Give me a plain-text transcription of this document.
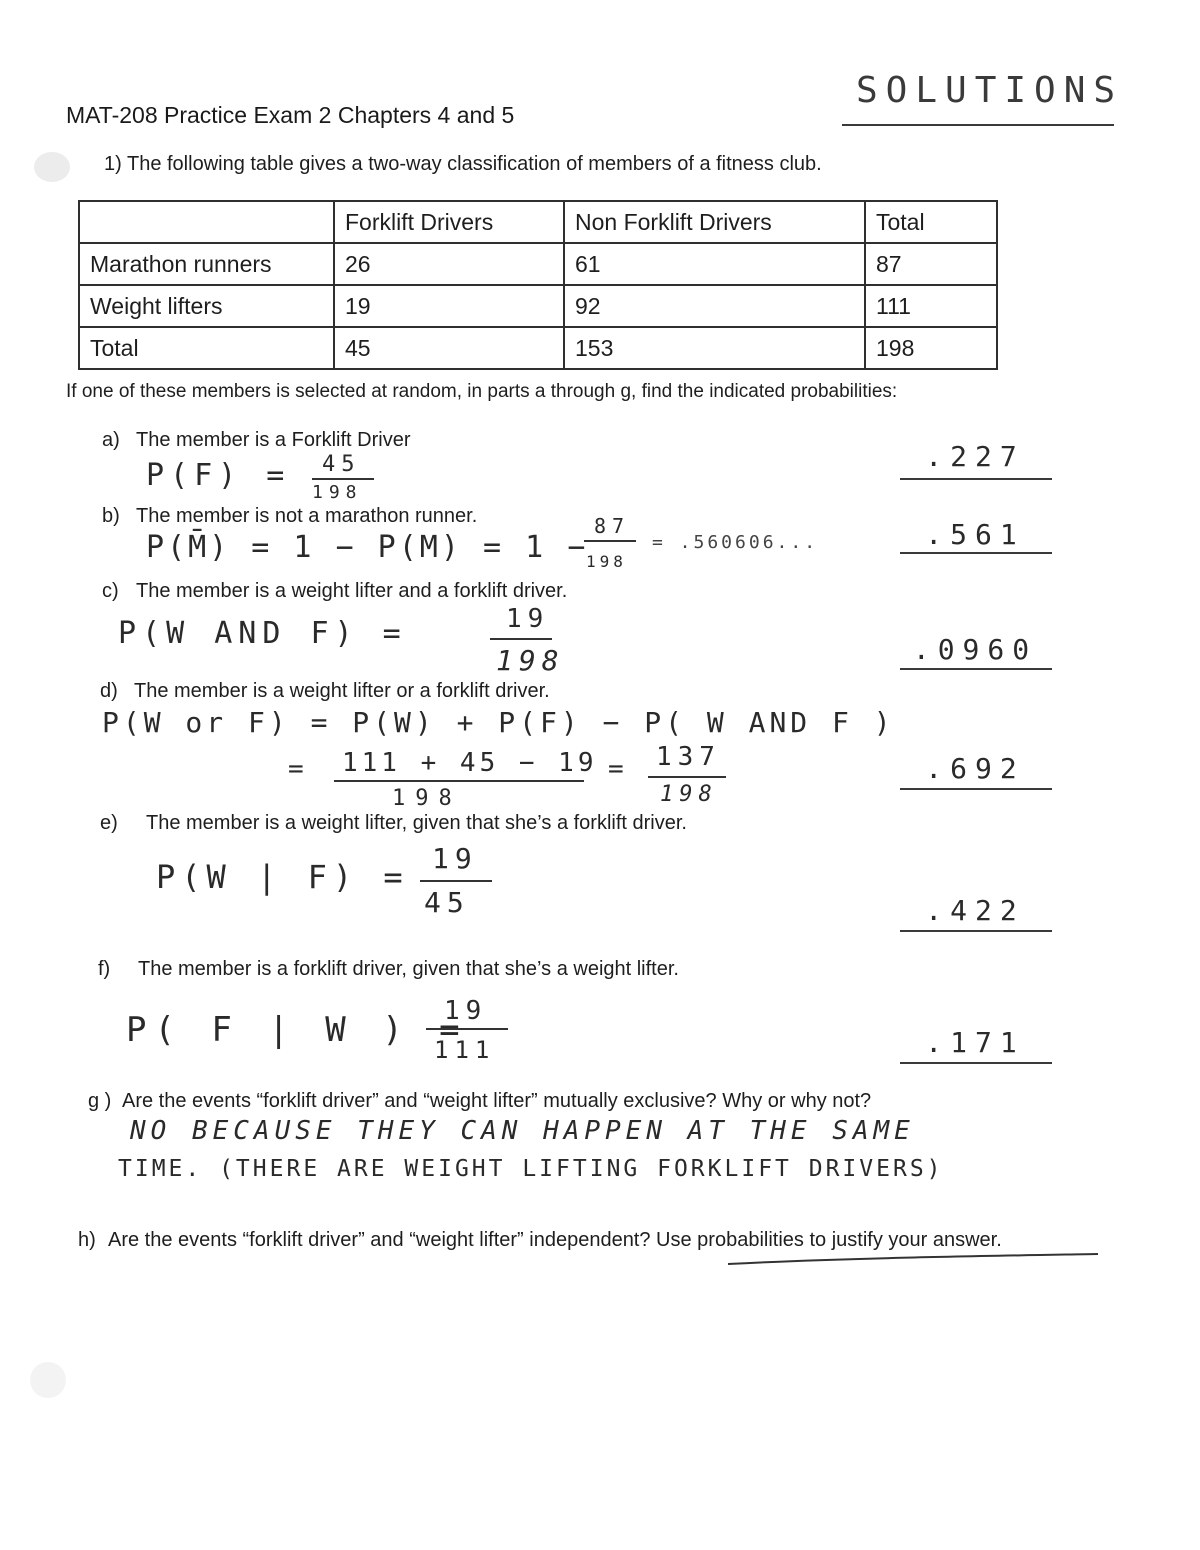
MAT-208 Practice Exam 2 Chapters 4 and 5
SOLUTIONS
1) The following table gives a two-way classification of members of a fitness club.
	Forklift Drivers	Non Forklift Drivers	Total
Marathon runners	26	61	87
Weight lifters	19	92	111
Total	45	153	198
If one of these members is selected at random, in parts a through g, find the indicated probabilities:
a) The member is a Forklift Driver
P(F) = 45
198
.227
b) The member is not a marathon runner.
P(M̄) = 1 − P(M) = 1 −
87
198
= .560606...	.561
c) The member is a weight lifter and a forklift driver.
P(W AND F) =	19
198	.0960
d) The member is a weight lifter or a forklift driver.
P(W or F) = P(W) + P(F) − P( W AND F )
111 + 45 − 19
198
=	= 137
198
.692
e) The member is a weight lifter, given that she’s a forklift driver.
P(W | F) = 19
45	.422
f) The member is a forklift driver, given that she’s a weight lifter.
P( F | W ) =
19
111	.171
g ) Are the events “forklift driver” and “weight lifter” mutually exclusive? Why or why not?
NO BECAUSE THEY CAN HAPPEN AT THE SAME
TIME. (THERE ARE WEIGHT LIFTING FORKLIFT DRIVERS)
h) Are the events “forklift driver” and “weight lifter” independent? Use probabilities to justify your answer.
